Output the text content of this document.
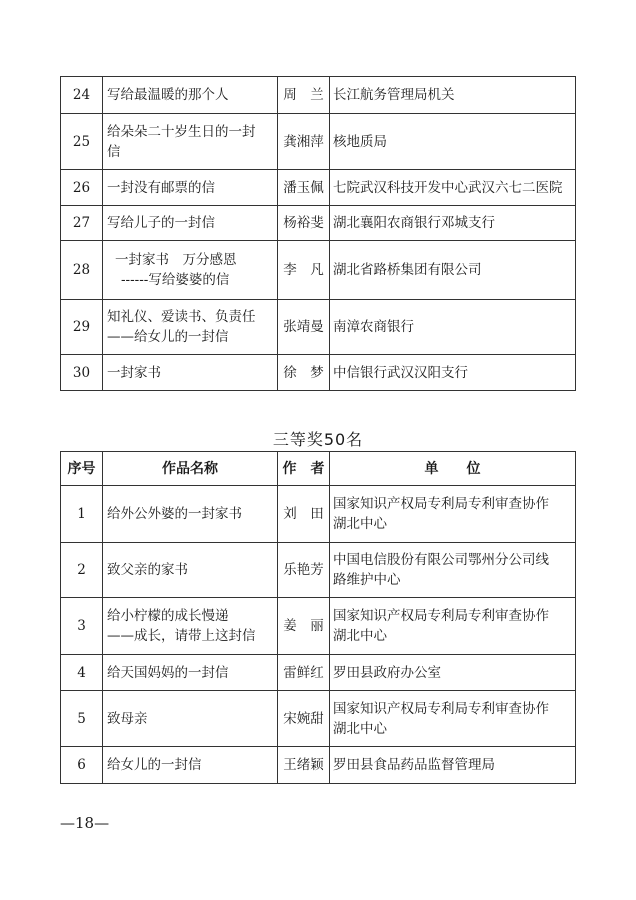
24	写给最温暖的那个人	周　兰	长江航务管理局机关

25	给朵朵二十岁生日的一封
信	龚湘萍	核地质局

26	一封没有邮票的信	潘玉佩	七院武汉科技开发中心武汉六七二医院

27	写给儿子的一封信	杨裕斐	湖北襄阳农商银行邓城支行

28	一封家书　万分感恩
------写给婆婆的信	李　凡	湖北省路桥集团有限公司

29	知礼仪、爱读书、负责任
——给女儿的一封信	张靖曼	南漳农商银行

30	一封家书	徐　梦	中信银行武汉汉阳支行
三等奖50名
序号	作品名称	作　者	单　　位
1	给外公外婆的一封家书	刘　田	国家知识产权局专利局专利审查协作
湖北中心

2	致父亲的家书	乐艳芳	中国电信股份有限公司鄂州分公司线
路维护中心

3	给小柠檬的成长慢递
——成长，请带上这封信	姜　丽	国家知识产权局专利局专利审查协作
湖北中心

4	给天国妈妈的一封信	雷鲜红	罗田县政府办公室

5	致母亲	宋婉甜	国家知识产权局专利局专利审查协作
湖北中心

6	给女儿的一封信	王绪颖	罗田县食品药品监督管理局
—18—
